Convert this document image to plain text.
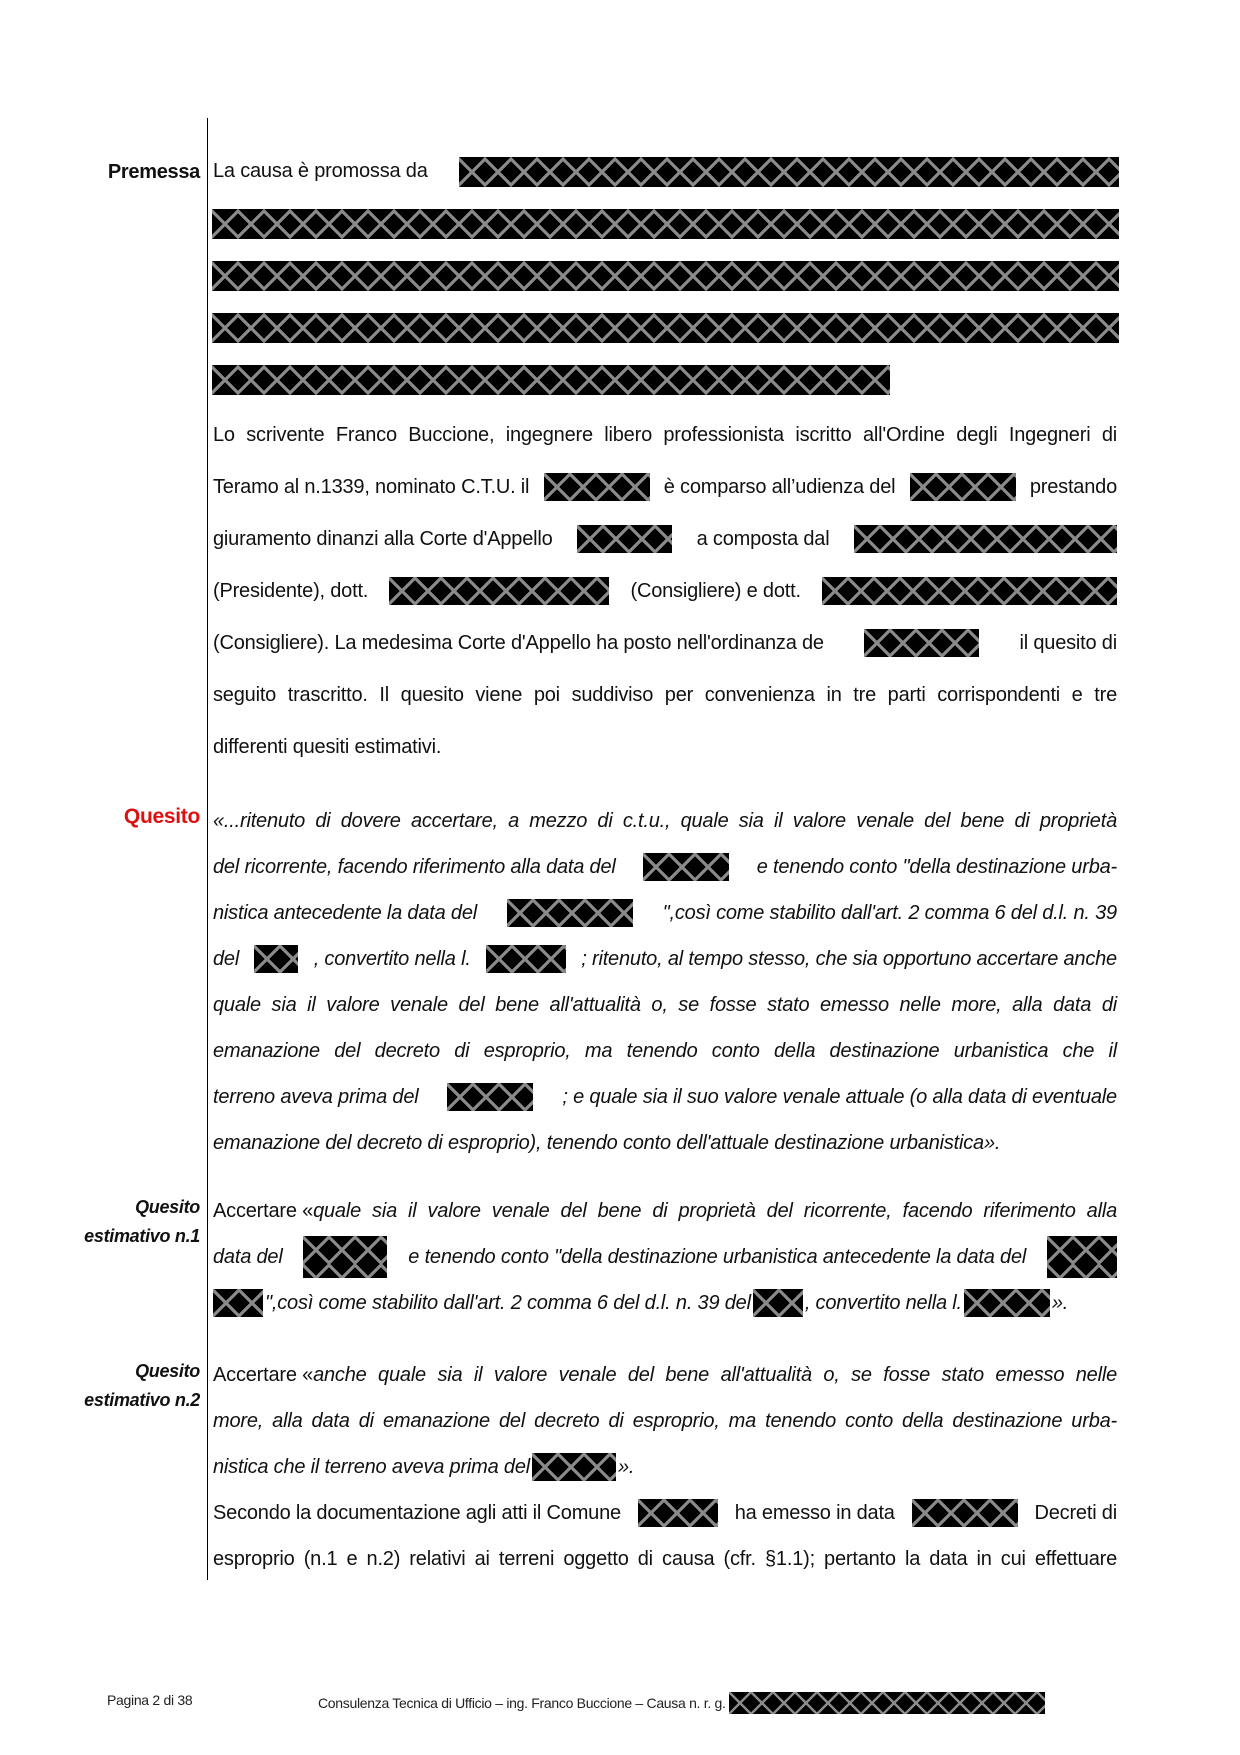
Premessa La causa è promossa da
Lo scrivente Franco Buccione, ingegnere libero professionista iscritto all'Ordine degli Ingegneri di
Teramo al n.1339, nominato C.T.U. il	è comparso all’udienza del	prestando
giuramento dinanzi alla Corte d'Appello	a composta dal
(Presidente), dott.	(Consigliere) e dott.
(Consigliere). La medesima Corte d'Appello ha posto nell'ordinanza de	il quesito di
seguito trascritto. Il quesito viene poi suddiviso per convenienza in tre parti corrispondenti e tre
differenti quesiti estimativi.
Quesito «...ritenuto di dovere accertare, a mezzo di c.t.u., quale sia il valore venale del bene di proprietà
del ricorrente, facendo riferimento alla data del	e tenendo conto "della destinazione urba-
nistica antecedente la data del	",così come stabilito dall'art. 2 comma 6 del d.l. n. 39
del	, convertito nella l.	; ritenuto, al tempo stesso, che sia opportuno accertare anche
quale sia il valore venale del bene all'attualità o, se fosse stato emesso nelle more, alla data di
emanazione del decreto di esproprio, ma tenendo conto della destinazione urbanistica che il
terreno aveva prima del	; e quale sia il suo valore venale attuale (o alla data di eventuale
emanazione del decreto di esproprio), tenendo conto dell'attuale destinazione urbanistica».
Quesito
estimativo n.1
Accertare « quale sia il valore venale del bene di proprietà del ricorrente, facendo riferimento alla
data del	e tenendo conto "della destinazione urbanistica antecedente la data del
",così come stabilito dall'art. 2 comma 6 del d.l. n. 39 del	, convertito nella l.	».
Quesito
estimativo n.2
Accertare « anche quale sia il valore venale del bene all'attualità o, se fosse stato emesso nelle
more, alla data di emanazione del decreto di esproprio, ma tenendo conto della destinazione urba-
nistica che il terreno aveva prima del	».
Secondo la documentazione agli atti il Comune	ha emesso in data	Decreti di
esproprio (n.1 e n.2) relativi ai terreni oggetto di causa (cfr. §1.1); pertanto la data in cui effettuare
Pagina 2 di 38	Consulenza Tecnica di Ufficio – ing. Franco Buccione – Causa n. r. g.
